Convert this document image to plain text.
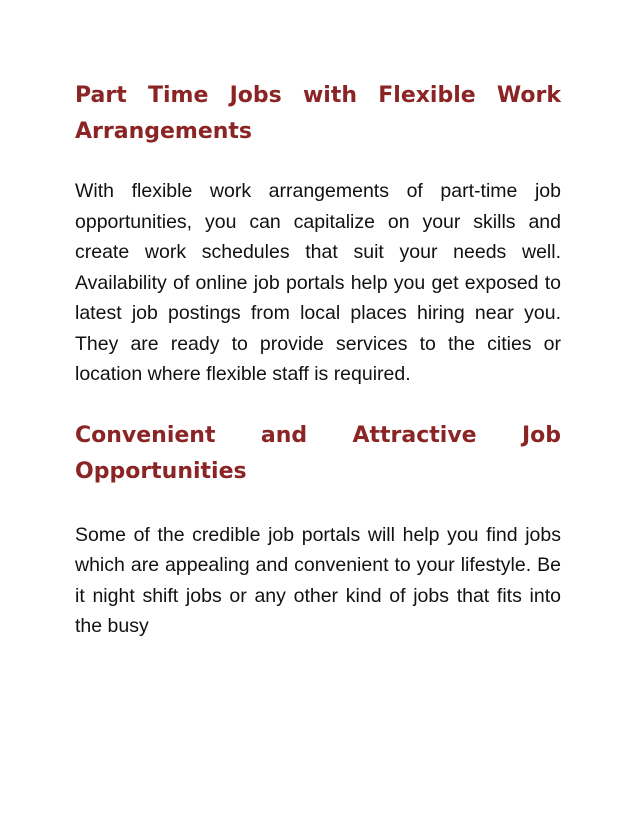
Part Time Jobs with Flexible Work Arrangements

With flexible work arrangements of part-time job opportunities, you can capitalize on your skills and create work schedules that suit your needs well. Availability of online job portals help you get exposed to latest job postings from local places hiring near you. They are ready to provide services to the cities or location where flexible staff is required.

Convenient and Attractive Job Opportunities

Some of the credible job portals will help you find jobs which are appealing and convenient to your lifestyle. Be it night shift jobs or any other kind of jobs that fits into the busy
